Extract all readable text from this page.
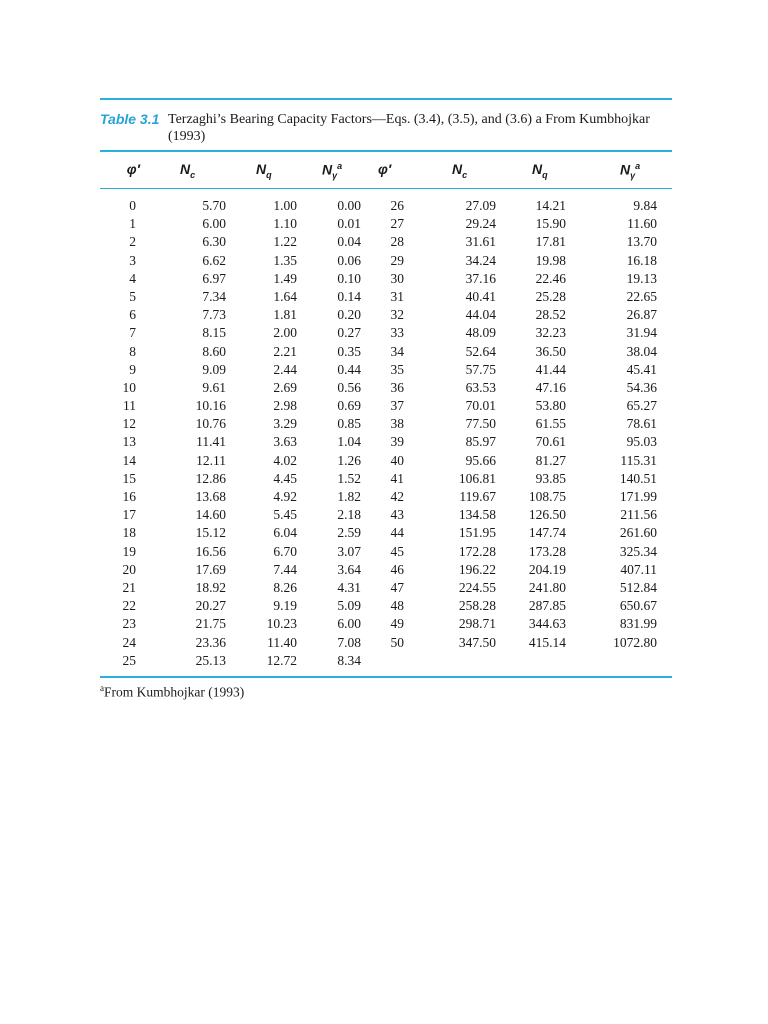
Table 3.1 Terzaghi’s Bearing Capacity Factors—Eqs. (3.4), (3.5), and (3.6) a From Kumbhojkar (1993)
φ′	$N_c$	$N_q$	$N_\gamma^a$	φ′	$N_c$	$N_q$	$N_\gamma^a$
0	5.70	1.00	0.00	26	27.09	14.21	9.84
1	6.00	1.10	0.01	27	29.24	15.90	11.60
2	6.30	1.22	0.04	28	31.61	17.81	13.70
3	6.62	1.35	0.06	29	34.24	19.98	16.18
4	6.97	1.49	0.10	30	37.16	22.46	19.13
5	7.34	1.64	0.14	31	40.41	25.28	22.65
6	7.73	1.81	0.20	32	44.04	28.52	26.87
7	8.15	2.00	0.27	33	48.09	32.23	31.94
8	8.60	2.21	0.35	34	52.64	36.50	38.04
9	9.09	2.44	0.44	35	57.75	41.44	45.41
10	9.61	2.69	0.56	36	63.53	47.16	54.36
11	10.16	2.98	0.69	37	70.01	53.80	65.27
12	10.76	3.29	0.85	38	77.50	61.55	78.61
13	11.41	3.63	1.04	39	85.97	70.61	95.03
14	12.11	4.02	1.26	40	95.66	81.27	115.31
15	12.86	4.45	1.52	41	106.81	93.85	140.51
16	13.68	4.92	1.82	42	119.67	108.75	171.99
17	14.60	5.45	2.18	43	134.58	126.50	211.56
18	15.12	6.04	2.59	44	151.95	147.74	261.60
19	16.56	6.70	3.07	45	172.28	173.28	325.34
20	17.69	7.44	3.64	46	196.22	204.19	407.11
21	18.92	8.26	4.31	47	224.55	241.80	512.84
22	20.27	9.19	5.09	48	258.28	287.85	650.67
23	21.75	10.23	6.00	49	298.71	344.63	831.99
24	23.36	11.40	7.08	50	347.50	415.14	1072.80
25	25.13	12.72	8.34
$^a$From Kumbhojkar (1993)
